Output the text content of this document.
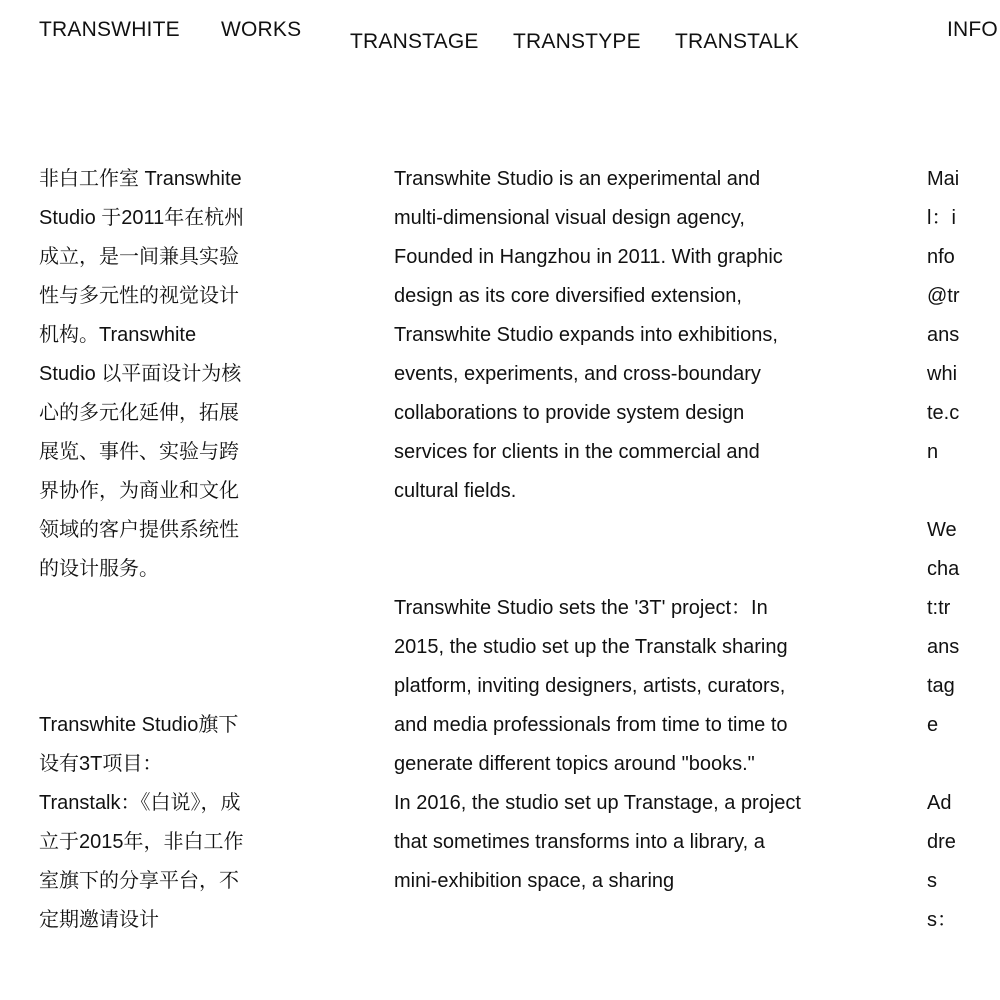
TRANSWHITE WORKS
TRANSTAGE TRANSTYPE TRANSTALK
INFO

非白工作室 Transwhite Studio 于2011年在杭州成立，是一间兼具实验性与多元性的视觉设计机构。Transwhite Studio 以平面设计为核心的多元化延伸，拓展展览、事件、实验与跨界协作，为商业和文化领域的客户提供系统性的设计服务。

Transwhite Studio旗下设有3T项目：Transtalk：《白说》，成立于2015年，非白工作室旗下的分享平台，不定期邀请设计

Transwhite Studio is an experimental and multi-dimensional visual design agency, Founded in Hangzhou in 2011. With graphic design as its core diversified extension, Transwhite Studio expands into exhibitions, events, experiments, and cross-boundary collaborations to provide system design services for clients in the commercial and cultural fields.

Transwhite Studio sets the '3T' project：In 2015, the studio set up the Transtalk sharing platform, inviting designers, artists, curators, and media professionals from time to time to generate different topics around "books."

In 2016, the studio set up Transtage, a project that sometimes transforms into a library, a mini-exhibition space, a sharing

Mail：info@transwhite.cn

Wechat:transtage

Address：
